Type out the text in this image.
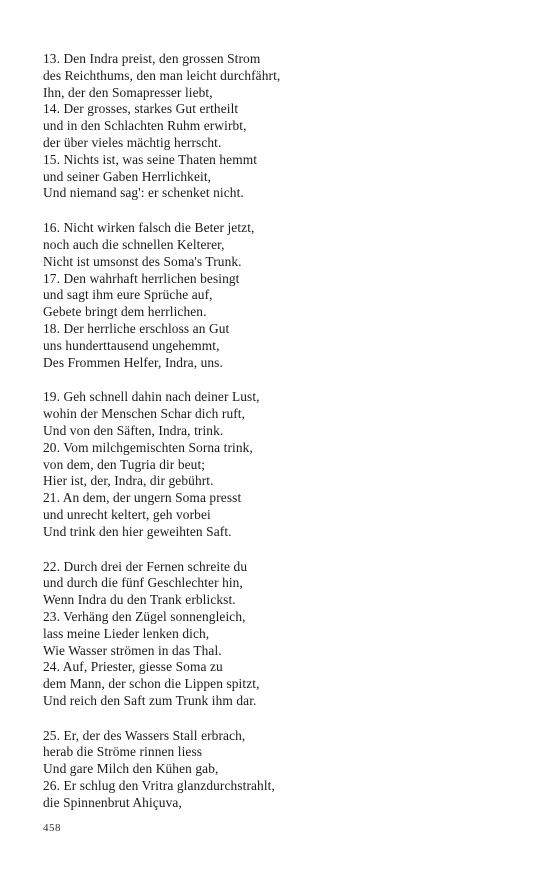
13. Den Indra preist, den grossen Strom
des Reichthums, den man leicht durchfährt,
Ihn, der den Somapresser liebt,
14. Der grosses, starkes Gut ertheilt
und in den Schlachten Ruhm erwirbt,
der über vieles mächtig herrscht.
15. Nichts ist, was seine Thaten hemmt
und seiner Gaben Herrlichkeit,
Und niemand sag': er schenket nicht.
16. Nicht wirken falsch die Beter jetzt,
noch auch die schnellen Kelterer,
Nicht ist umsonst des Soma's Trunk.
17. Den wahrhaft herrlichen besingt
und sagt ihm eure Sprüche auf,
Gebete bringt dem herrlichen.
18. Der herrliche erschloss an Gut
uns hunderttausend ungehemmt,
Des Frommen Helfer, Indra, uns.
19. Geh schnell dahin nach deiner Lust,
wohin der Menschen Schar dich ruft,
Und von den Säften, Indra, trink.
20. Vom milchgemischten Sorna trink,
von dem, den Tugria dir beut;
Hier ist, der, Indra, dir gebührt.
21. An dem, der ungern Soma presst
und unrecht keltert, geh vorbei
Und trink den hier geweihten Saft.
22. Durch drei der Fernen schreite du
und durch die fünf Geschlechter hin,
Wenn Indra du den Trank erblickst.
23. Verhäng den Zügel sonnengleich,
lass meine Lieder lenken dich,
Wie Wasser strömen in das Thal.
24. Auf, Priester, giesse Soma zu
dem Mann, der schon die Lippen spitzt,
Und reich den Saft zum Trunk ihm dar.
25. Er, der des Wassers Stall erbrach,
herab die Ströme rinnen liess
Und gare Milch den Kühen gab,
26. Er schlug den Vritra glanzdurchstrahlt,
die Spinnenbrut Ahiçuva,
458
